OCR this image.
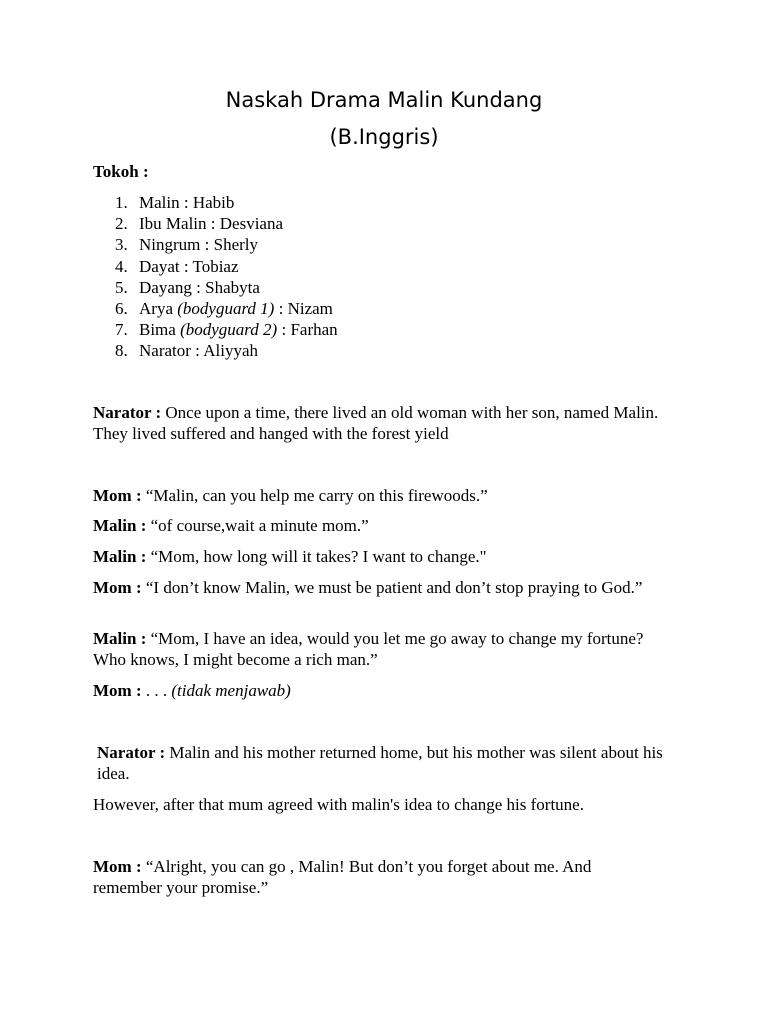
Naskah Drama Malin Kundang
(B.Inggris)
Tokoh :
1. Malin : Habib
2. Ibu Malin : Desviana
3. Ningrum : Sherly
4. Dayat : Tobiaz
5. Dayang : Shabyta
6. Arya (bodyguard 1) : Nizam
7. Bima (bodyguard 2) : Farhan
8. Narator : Aliyyah

Narator : Once upon a time, there lived an old woman with her son, named Malin. They lived suffered and hanged with the forest yield

Mom : “Malin, can you help me carry on this firewoods.”

Malin : “of course,wait a minute mom.”

Malin : “Mom, how long will it takes? I want to change."

Mom : “I don’t know Malin, we must be patient and don’t stop praying to God.”

Malin : “Mom, I have an idea, would you let me go away to change my fortune? Who knows, I might become a rich man.”

Mom : . . . (tidak menjawab)

Narator : Malin and his mother returned home, but his mother was silent about his idea.

However, after that mum agreed with malin's idea to change his fortune.

Mom : “Alright, you can go , Malin! But don’t you forget about me. And remember your promise.”
